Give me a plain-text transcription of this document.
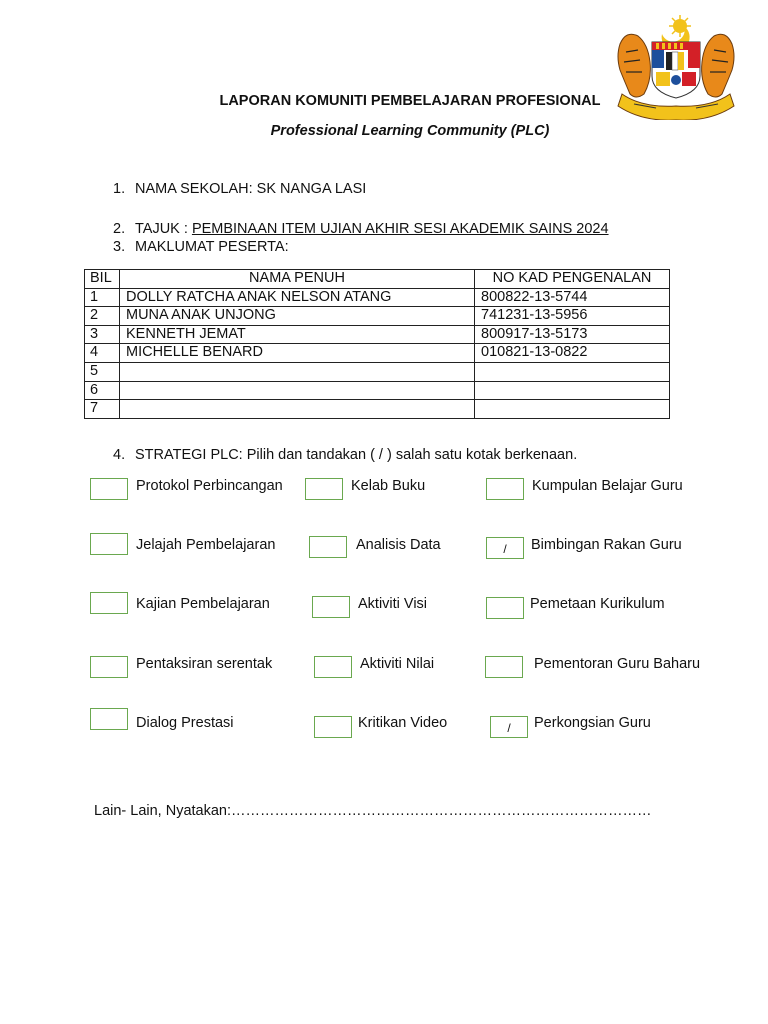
LAPORAN KOMUNITI PEMBELAJARAN PROFESIONAL
Professional Learning Community (PLC)
1. NAMA SEKOLAH: SK NANGA LASI
2. TAJUK : PEMBINAAN ITEM UJIAN AKHIR SESI AKADEMIK SAINS 2024
3. MAKLUMAT PESERTA:
BIL	NAMA PENUH	NO KAD PENGENALAN
1	DOLLY RATCHA ANAK NELSON ATANG	800822-13-5744
2	MUNA ANAK UNJONG	741231-13-5956
3	KENNETH JEMAT	800917-13-5173
4	MICHELLE BENARD	010821-13-0822
5		
6		
7		
4. STRATEGI PLC: Pilih dan tandakan ( / ) salah satu kotak berkenaan.
Protokol Perbincangan	Kelab Buku	Kumpulan Belajar Guru
Jelajah Pembelajaran	Analisis Data	/	Bimbingan Rakan Guru
Kajian Pembelajaran	Aktiviti Visi	Pemetaan Kurikulum
Pentaksiran serentak	Aktiviti Nilai	Pementoran Guru Baharu
Dialog Prestasi	Kritikan Video	/	Perkongsian Guru
Lain- Lain, Nyatakan:……………………………………………………………………………
